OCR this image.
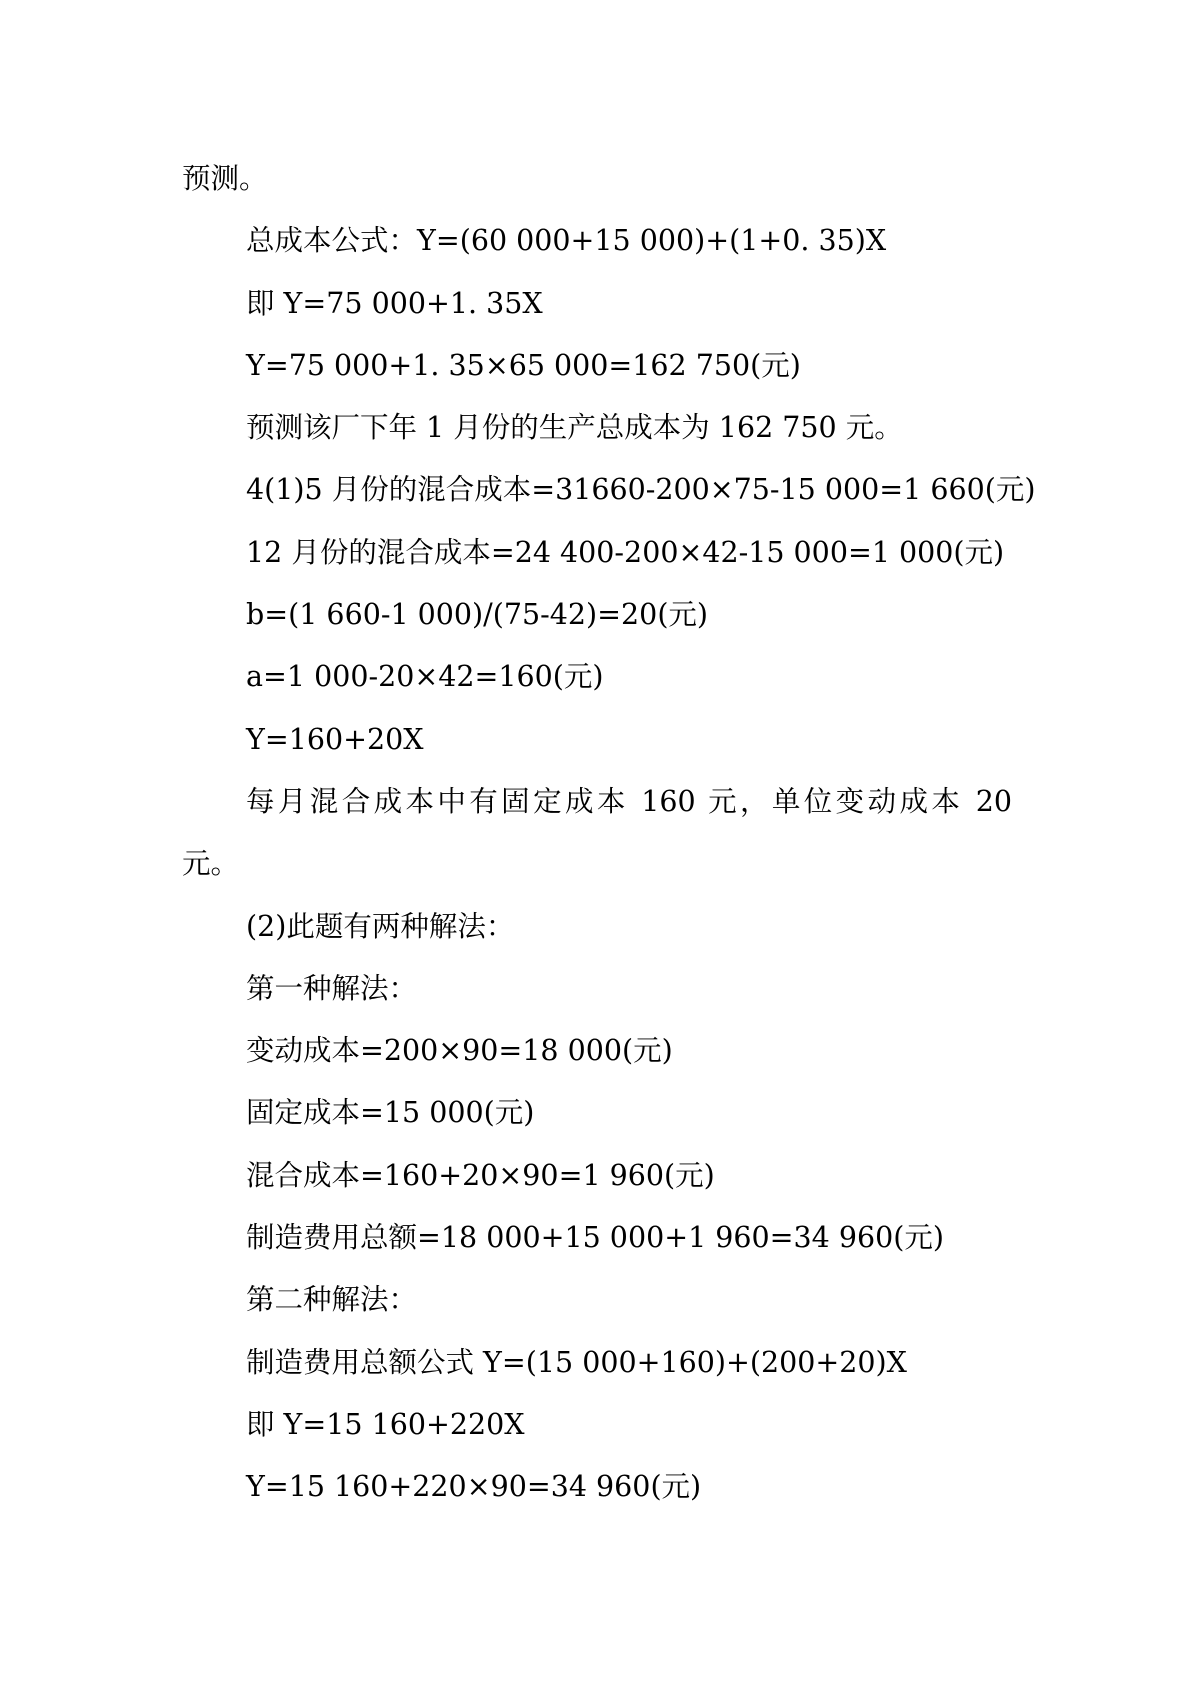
预测。
总成本公式：Y=(60 000+15 000)+(1+0. 35)X
即 Y=75 000+1. 35X
Y=75 000+1. 35×65 000=162 750(元)
预测该厂下年 1 月份的生产总成本为 162 750 元。
4(1)5 月份的混合成本=31660-200×75-15 000=1 660(元)
12 月份的混合成本=24 400-200×42-15 000=1 000(元)
b=(1 660-1 000)/(75-42)=20(元)
a=1 000-20×42=160(元)
Y=160+20X
每月混合成本中有固定成本 160 元，单位变动成本 20
元。
(2)此题有两种解法：
第一种解法：
变动成本=200×90=18 000(元)
固定成本=15 000(元)
混合成本=160+20×90=1 960(元)
制造费用总额=18 000+15 000+1 960=34 960(元)
第二种解法：
制造费用总额公式 Y=(15 000+160)+(200+20)X
即 Y=15 160+220X
Y=15 160+220×90=34 960(元)
